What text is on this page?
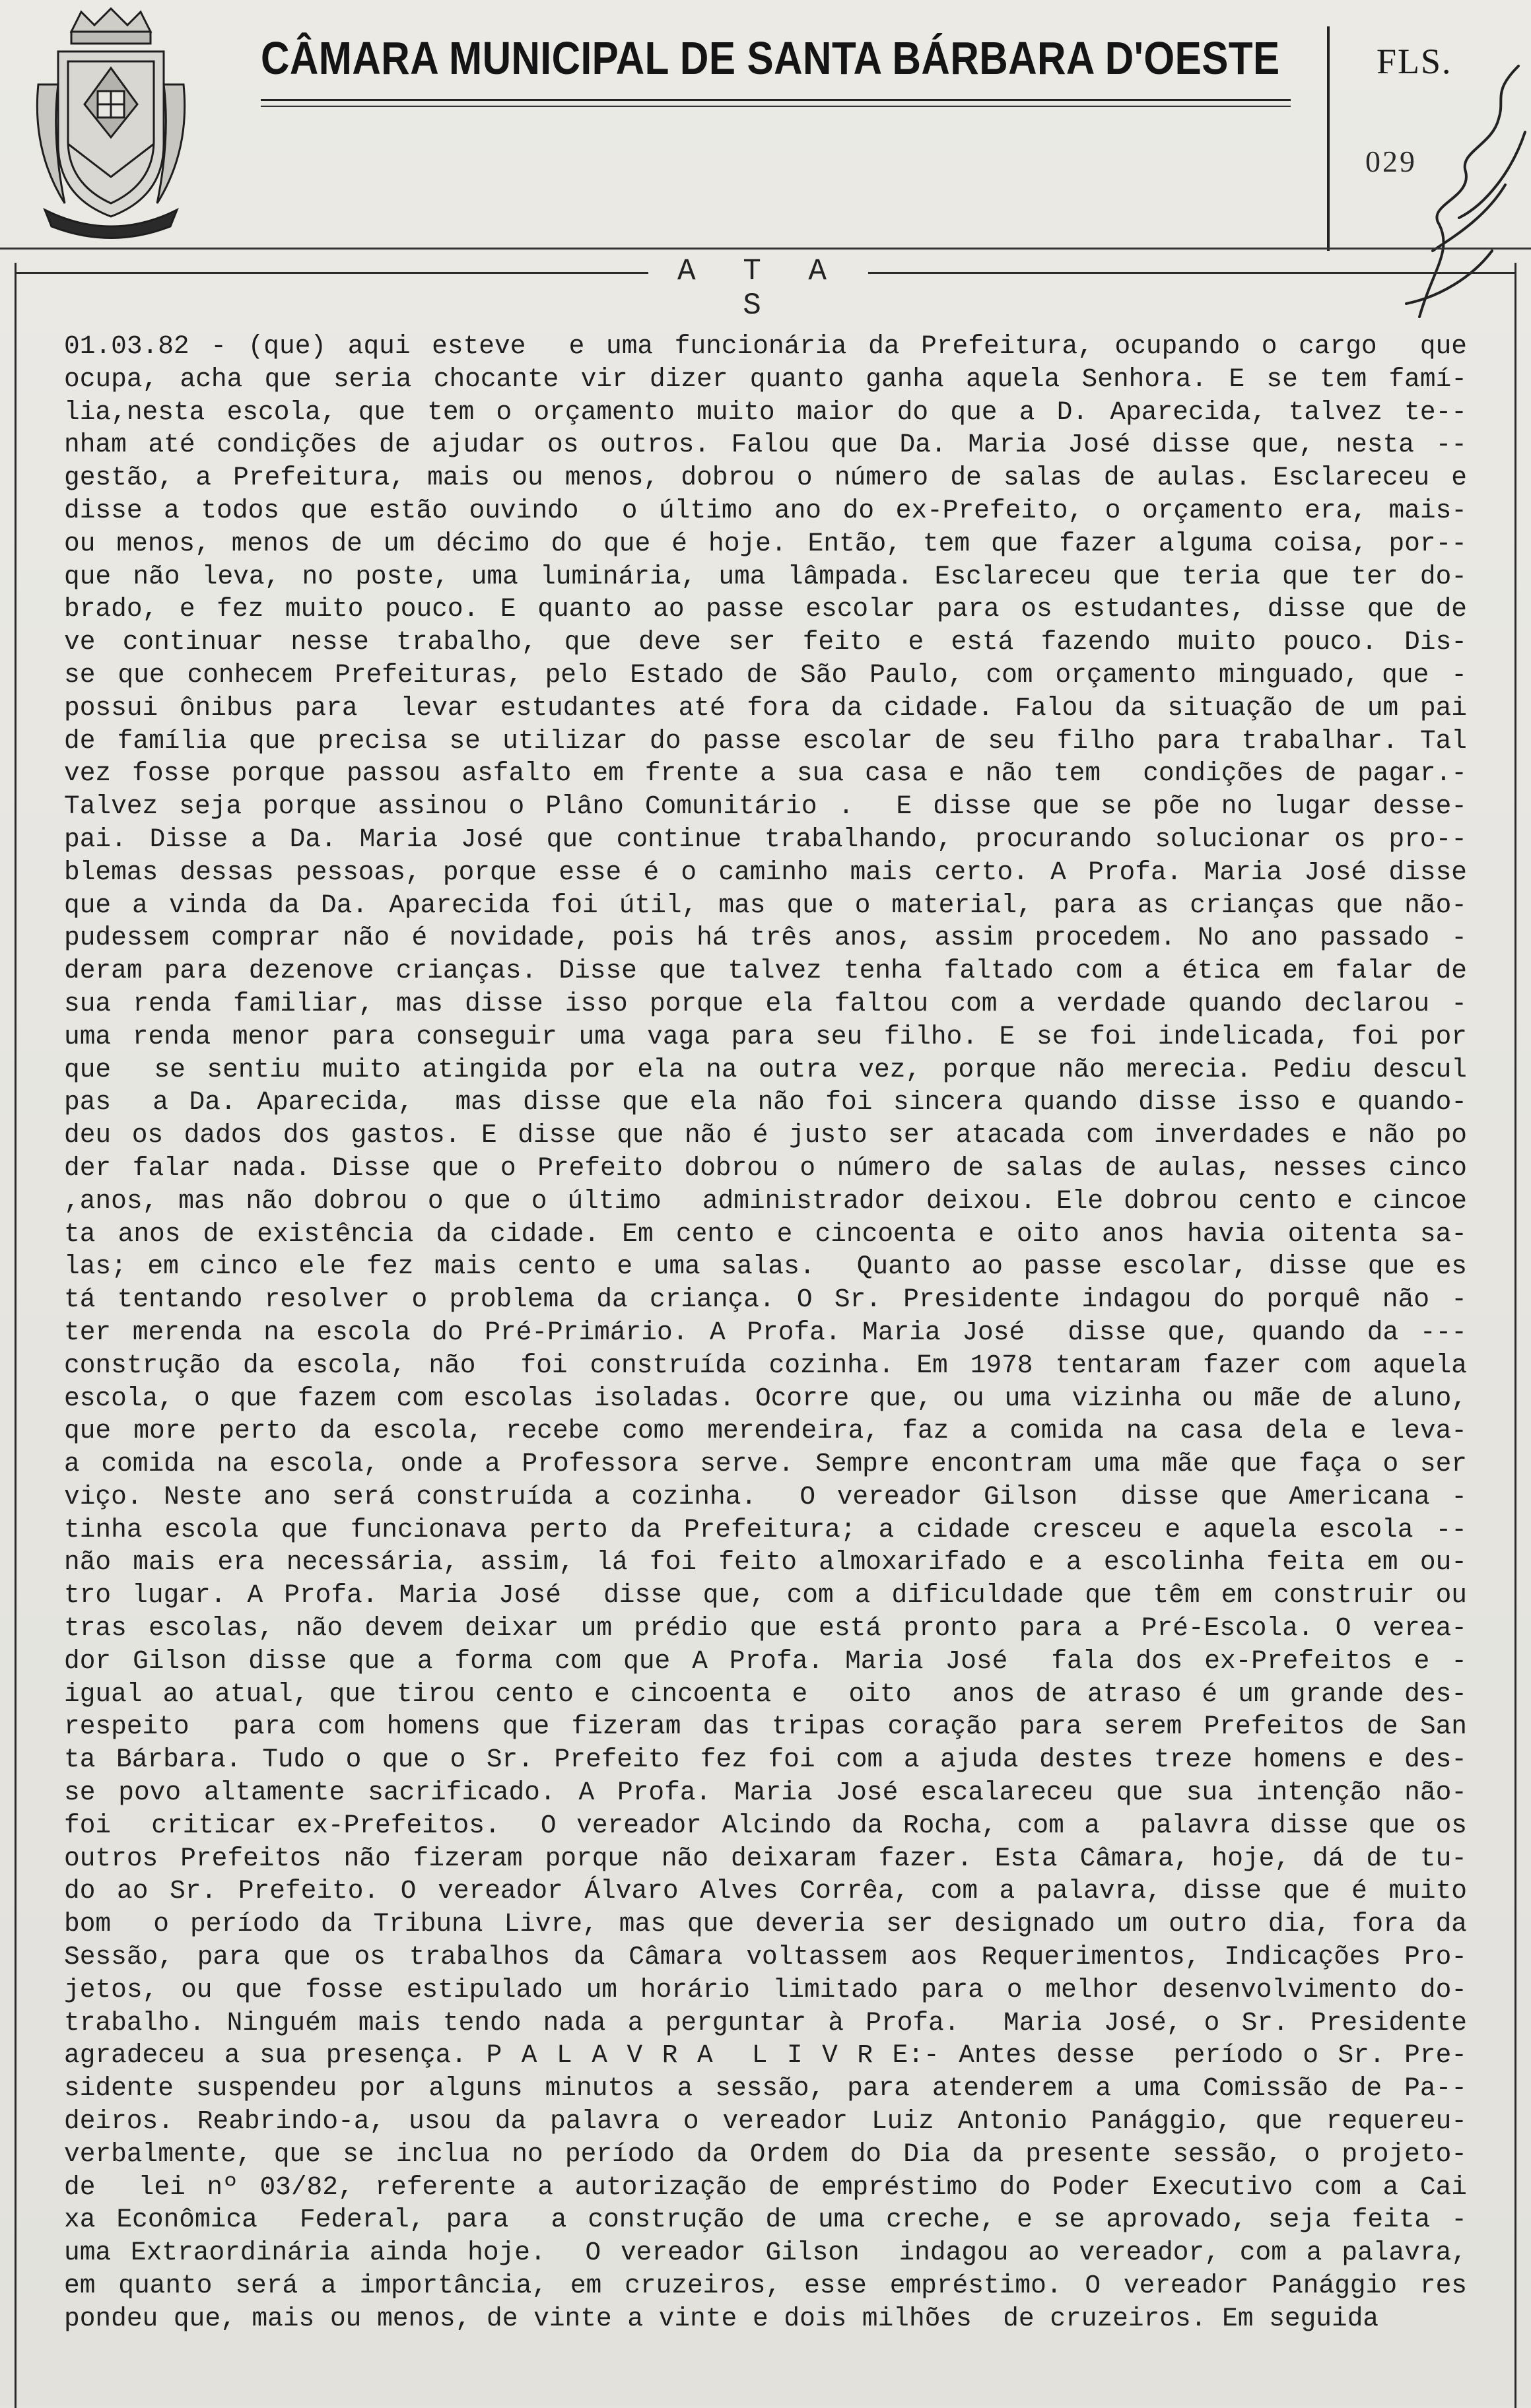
CÂMARA MUNICIPAL DE SANTA BÁRBARA D'OESTE	FLS.
029
A T A S
01.03.82 - (que) aqui esteve  e uma funcionária da Prefeitura, ocupando o cargo  que
ocupa, acha que seria chocante vir dizer quanto ganha aquela Senhora. E se tem famí-
lia,nesta escola, que tem o orçamento muito maior do que a D. Aparecida, talvez te--
nham até condições de ajudar os outros. Falou que Da. Maria José disse que, nesta --
gestão, a Prefeitura, mais ou menos, dobrou o número de salas de aulas. Esclareceu e
disse a todos que estão ouvindo  o último ano do ex-Prefeito, o orçamento era, mais-
ou menos, menos de um décimo do que é hoje. Então, tem que fazer alguma coisa, por--
que não leva, no poste, uma luminária, uma lâmpada. Esclareceu que teria que ter do-
brado, e fez muito pouco. E quanto ao passe escolar para os estudantes, disse que de
ve continuar nesse trabalho, que deve ser feito e está fazendo muito pouco. Dis-
se que conhecem Prefeituras, pelo Estado de São Paulo, com orçamento minguado, que -
possui ônibus para  levar estudantes até fora da cidade. Falou da situação de um pai
de família que precisa se utilizar do passe escolar de seu filho para trabalhar. Tal
vez fosse porque passou asfalto em frente a sua casa e não tem  condições de pagar.-
Talvez seja porque assinou o Plâno Comunitário .  E disse que se põe no lugar desse-
pai. Disse a Da. Maria José que continue trabalhando, procurando solucionar os pro--
blemas dessas pessoas, porque esse é o caminho mais certo. A Profa. Maria José disse
que a vinda da Da. Aparecida foi útil, mas que o material, para as crianças que não-
pudessem comprar não é novidade, pois há três anos, assim procedem. No ano passado -
deram para dezenove crianças. Disse que talvez tenha faltado com a ética em falar de
sua renda familiar, mas disse isso porque ela faltou com a verdade quando declarou -
uma renda menor para conseguir uma vaga para seu filho. E se foi indelicada, foi por
que  se sentiu muito atingida por ela na outra vez, porque não merecia. Pediu descul
pas  a Da. Aparecida,  mas disse que ela não foi sincera quando disse isso e quando-
deu os dados dos gastos. E disse que não é justo ser atacada com inverdades e não po
der falar nada. Disse que o Prefeito dobrou o número de salas de aulas, nesses cinco
,anos, mas não dobrou o que o último  administrador deixou. Ele dobrou cento e cincoe
ta anos de existência da cidade. Em cento e cincoenta e oito anos havia oitenta sa-
las; em cinco ele fez mais cento e uma salas.  Quanto ao passe escolar, disse que es
tá tentando resolver o problema da criança. O Sr. Presidente indagou do porquê não -
ter merenda na escola do Pré-Primário. A Profa. Maria José  disse que, quando da ---
construção da escola, não  foi construída cozinha. Em 1978 tentaram fazer com aquela
escola, o que fazem com escolas isoladas. Ocorre que, ou uma vizinha ou mãe de aluno,
que more perto da escola, recebe como merendeira, faz a comida na casa dela e leva-
a comida na escola, onde a Professora serve. Sempre encontram uma mãe que faça o ser
viço. Neste ano será construída a cozinha.  O vereador Gilson  disse que Americana -
tinha escola que funcionava perto da Prefeitura; a cidade cresceu e aquela escola --
não mais era necessária, assim, lá foi feito almoxarifado e a escolinha feita em ou-
tro lugar. A Profa. Maria José  disse que, com a dificuldade que têm em construir ou
tras escolas, não devem deixar um prédio que está pronto para a Pré-Escola. O verea-
dor Gilson disse que a forma com que A Profa. Maria José  fala dos ex-Prefeitos e -
igual ao atual, que tirou cento e cincoenta e  oito  anos de atraso é um grande des-
respeito  para com homens que fizeram das tripas coração para serem Prefeitos de San
ta Bárbara. Tudo o que o Sr. Prefeito fez foi com a ajuda destes treze homens e des-
se povo altamente sacrificado. A Profa. Maria José escalareceu que sua intenção não-
foi  criticar ex-Prefeitos.  O vereador Alcindo da Rocha, com a  palavra disse que os
outros Prefeitos não fizeram porque não deixaram fazer. Esta Câmara, hoje, dá de tu-
do ao Sr. Prefeito. O vereador Álvaro Alves Corrêa, com a palavra, disse que é muito
bom  o período da Tribuna Livre, mas que deveria ser designado um outro dia, fora da
Sessão, para que os trabalhos da Câmara voltassem aos Requerimentos, Indicações Pro-
jetos, ou que fosse estipulado um horário limitado para o melhor desenvolvimento do-
trabalho. Ninguém mais tendo nada a perguntar à Profa.  Maria José, o Sr. Presidente
agradeceu a sua presença. P A L A V R A  L I V R E:- Antes desse  período o Sr. Pre-
sidente suspendeu por alguns minutos a sessão, para atenderem a uma Comissão de Pa--
deiros. Reabrindo-a, usou da palavra o vereador Luiz Antonio Panággio, que requereu-
verbalmente, que se inclua no período da Ordem do Dia da presente sessão, o projeto-
de  lei nº 03/82, referente a autorização de empréstimo do Poder Executivo com a Cai
xa Econômica  Federal, para  a construção de uma creche, e se aprovado, seja feita -
uma Extraordinária ainda hoje.  O vereador Gilson  indagou ao vereador, com a palavra,
em quanto será a importância, em cruzeiros, esse empréstimo. O vereador Panággio res
pondeu que, mais ou menos, de vinte a vinte e dois milhões  de cruzeiros. Em seguida
